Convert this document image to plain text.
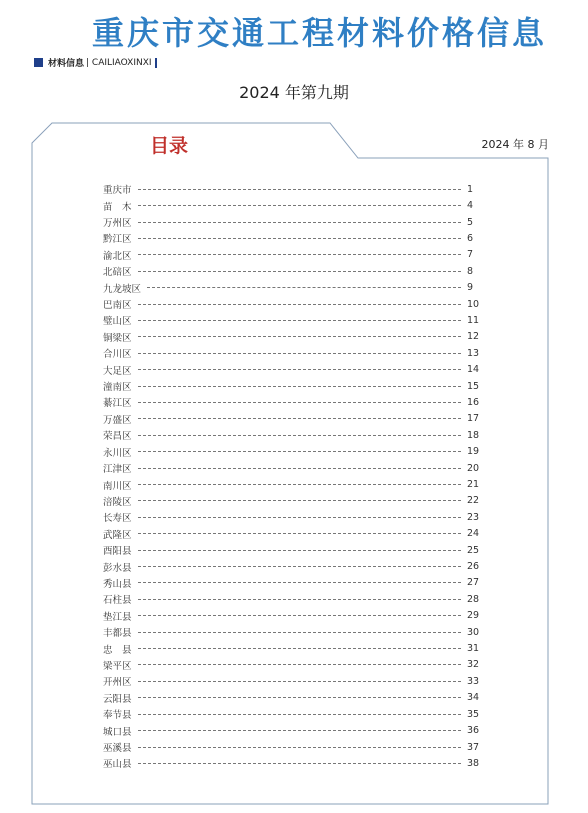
重庆市交通工程材料价格信息
材料信息 | CAILIAOXINXI
2024 年第九期
目录	2024 年 8 月
重庆市	1
苗　木	4
万州区	5
黔江区	6
渝北区	7
北碚区	8
九龙坡区	9
巴南区	10
璧山区	11
铜梁区	12
合川区	13
大足区	14
潼南区	15
綦江区	16
万盛区	17
荣昌区	18
永川区	19
江津区	20
南川区	21
涪陵区	22
长寿区	23
武隆区	24
酉阳县	25
彭水县	26
秀山县	27
石柱县	28
垫江县	29
丰都县	30
忠　县	31
梁平区	32
开州区	33
云阳县	34
奉节县	35
城口县	36
巫溪县	37
巫山县	38
